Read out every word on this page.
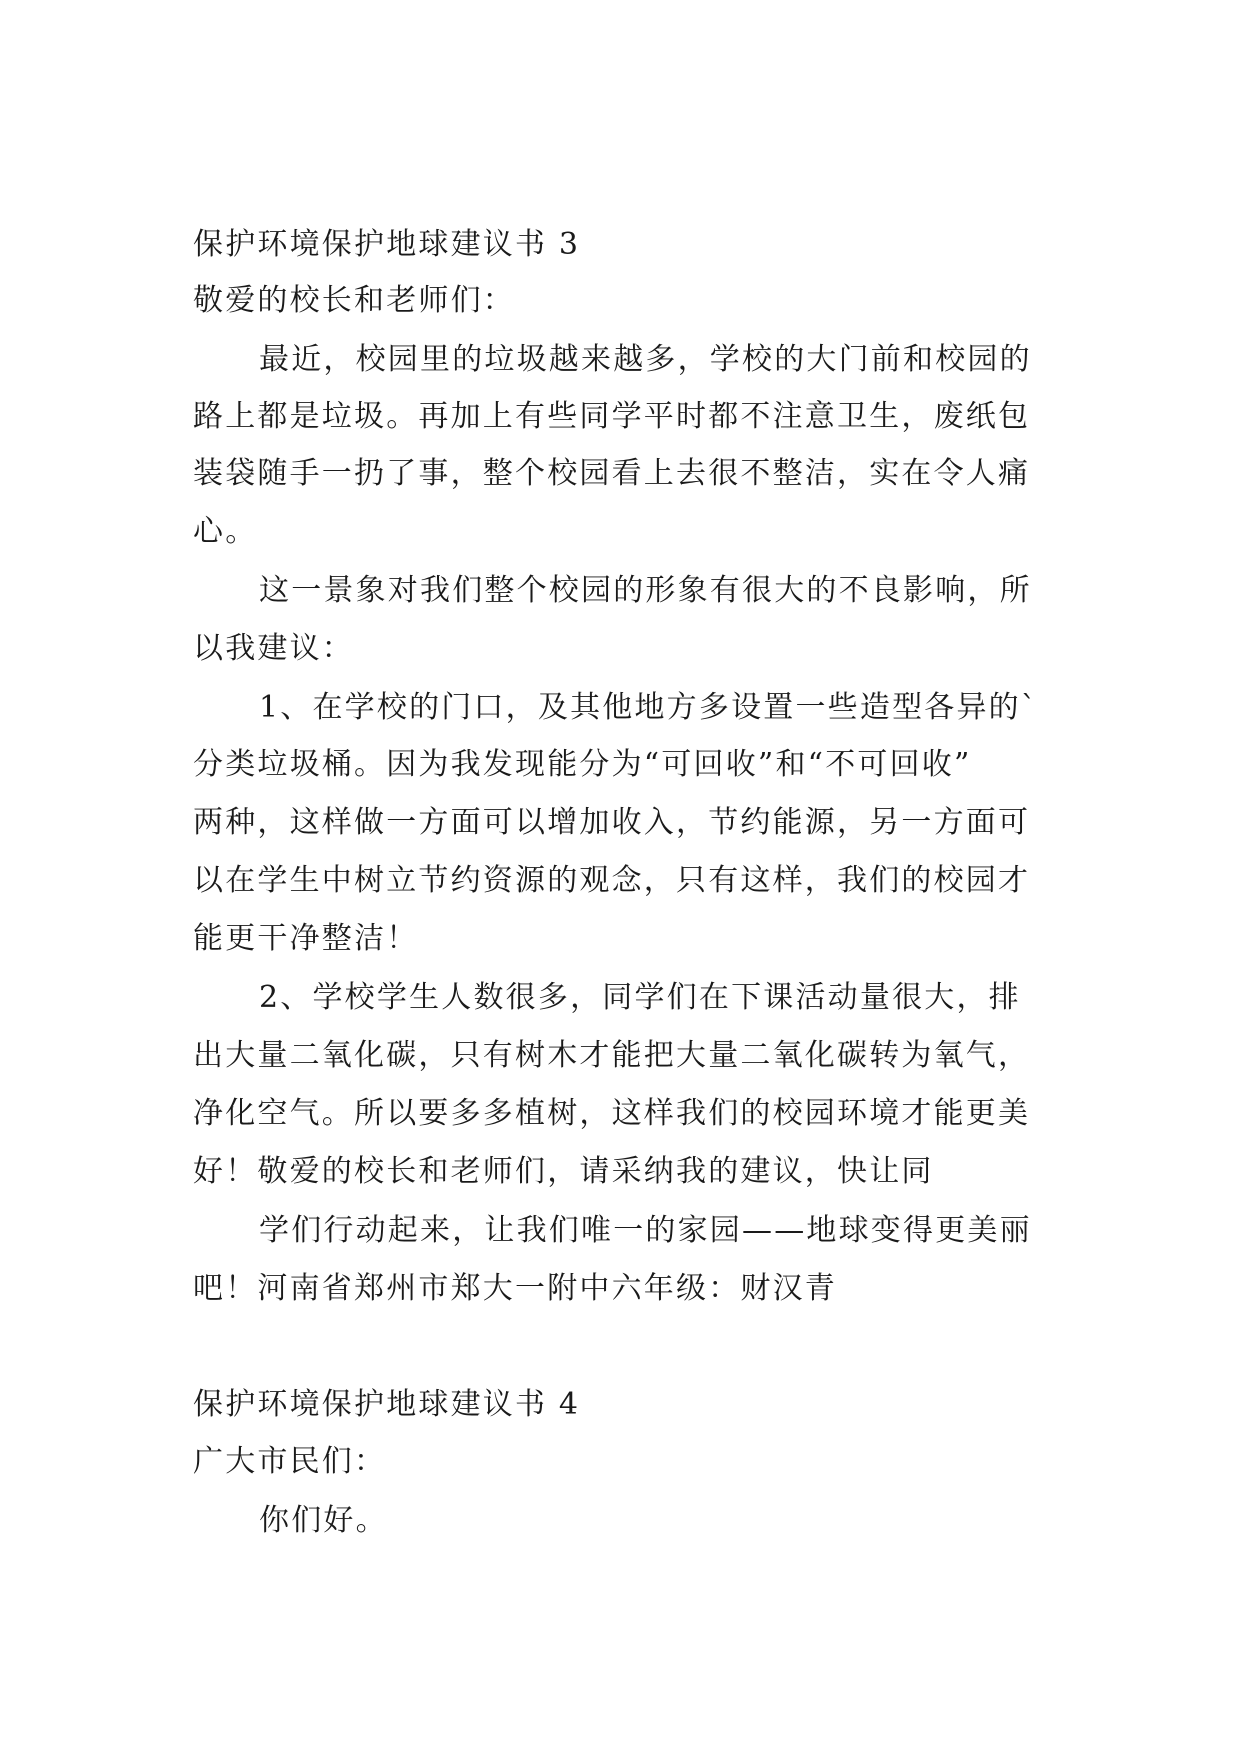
保护环境保护地球建议书 3
敬爱的校长和老师们：
最近，校园里的垃圾越来越多，学校的大门前和校园的
路上都是垃圾。再加上有些同学平时都不注意卫生，废纸包
装袋随手一扔了事，整个校园看上去很不整洁，实在令人痛
心。
这一景象对我们整个校园的形象有很大的不良影响，所
以我建议：
1、在学校的门口，及其他地方多设置一些造型各异的`
分类垃圾桶。因为我发现能分为“可回收”和“不可回收”
两种，这样做一方面可以增加收入，节约能源，另一方面可
以在学生中树立节约资源的观念，只有这样，我们的校园才
能更干净整洁！
2、学校学生人数很多，同学们在下课活动量很大，排
出大量二氧化碳，只有树木才能把大量二氧化碳转为氧气，
净化空气。所以要多多植树，这样我们的校园环境才能更美
好！敬爱的校长和老师们，请采纳我的建议，快让同
学们行动起来，让我们唯一的家园——地球变得更美丽
吧！河南省郑州市郑大一附中六年级：财汉青
保护环境保护地球建议书 4
广大市民们：
你们好。
